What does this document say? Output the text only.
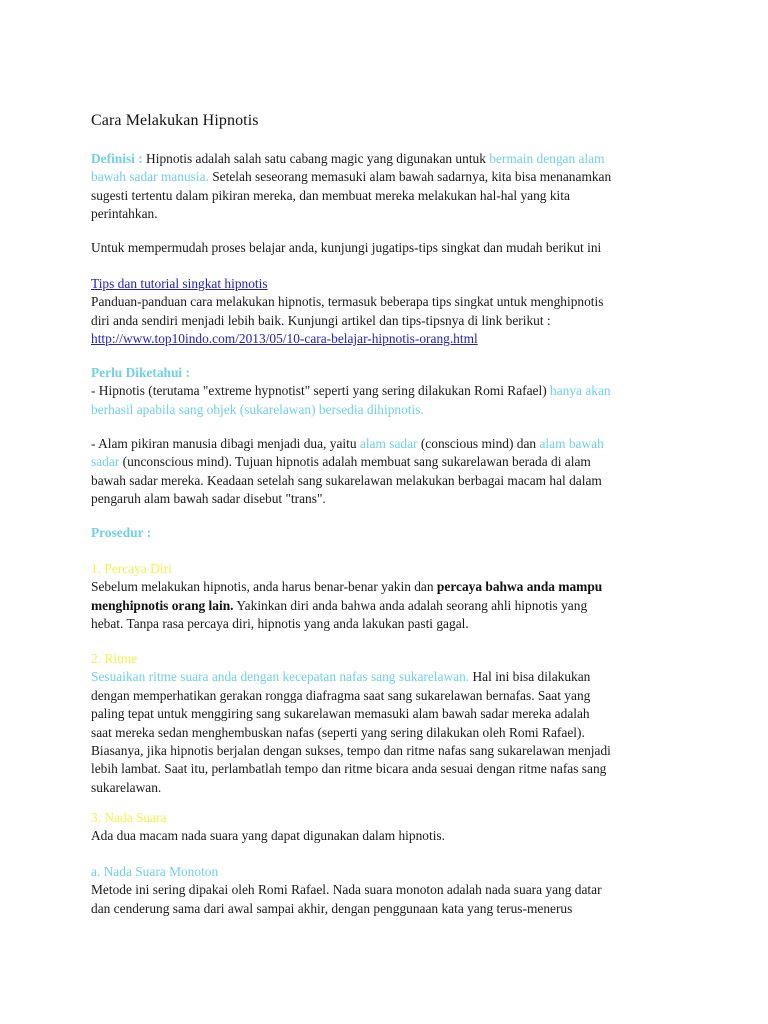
Cara Melakukan Hipnotis
Definisi : Hipnotis adalah salah satu cabang magic yang digunakan untuk bermain dengan alam
bawah sadar manusia. Setelah seseorang memasuki alam bawah sadarnya, kita bisa menanamkan
sugesti tertentu dalam pikiran mereka, dan membuat mereka melakukan hal-hal yang kita
perintahkan.
Untuk mempermudah proses belajar anda, kunjungi jugatips-tips singkat dan mudah berikut ini
Tips dan tutorial singkat hipnotis
Panduan-panduan cara melakukan hipnotis, termasuk beberapa tips singkat untuk menghipnotis
diri anda sendiri menjadi lebih baik. Kunjungi artikel dan tips-tipsnya di link berikut :
http://www.top10indo.com/2013/05/10-cara-belajar-hipnotis-orang.html
Perlu Diketahui :
- Hipnotis (terutama "extreme hypnotist" seperti yang sering dilakukan Romi Rafael) hanya akan
berhasil apabila sang objek (sukarelawan) bersedia dihipnotis.
- Alam pikiran manusia dibagi menjadi dua, yaitu alam sadar (conscious mind) dan alam bawah
sadar (unconscious mind). Tujuan hipnotis adalah membuat sang sukarelawan berada di alam
bawah sadar mereka. Keadaan setelah sang sukarelawan melakukan berbagai macam hal dalam
pengaruh alam bawah sadar disebut "trans".
Prosedur :
1. Percaya Diri
Sebelum melakukan hipnotis, anda harus benar-benar yakin dan percaya bahwa anda mampu
menghipnotis orang lain. Yakinkan diri anda bahwa anda adalah seorang ahli hipnotis yang
hebat. Tanpa rasa percaya diri, hipnotis yang anda lakukan pasti gagal.
2. Ritme
Sesuaikan ritme suara anda dengan kecepatan nafas sang sukarelawan. Hal ini bisa dilakukan
dengan memperhatikan gerakan rongga diafragma saat sang sukarelawan bernafas. Saat yang
paling tepat untuk menggiring sang sukarelawan memasuki alam bawah sadar mereka adalah
saat mereka sedan menghembuskan nafas (seperti yang sering dilakukan oleh Romi Rafael).
Biasanya, jika hipnotis berjalan dengan sukses, tempo dan ritme nafas sang sukarelawan menjadi
lebih lambat. Saat itu, perlambatlah tempo dan ritme bicara anda sesuai dengan ritme nafas sang
sukarelawan.
3. Nada Suara
Ada dua macam nada suara yang dapat digunakan dalam hipnotis.
a. Nada Suara Monoton
Metode ini sering dipakai oleh Romi Rafael. Nada suara monoton adalah nada suara yang datar
dan cenderung sama dari awal sampai akhir, dengan penggunaan kata yang terus-menerus
